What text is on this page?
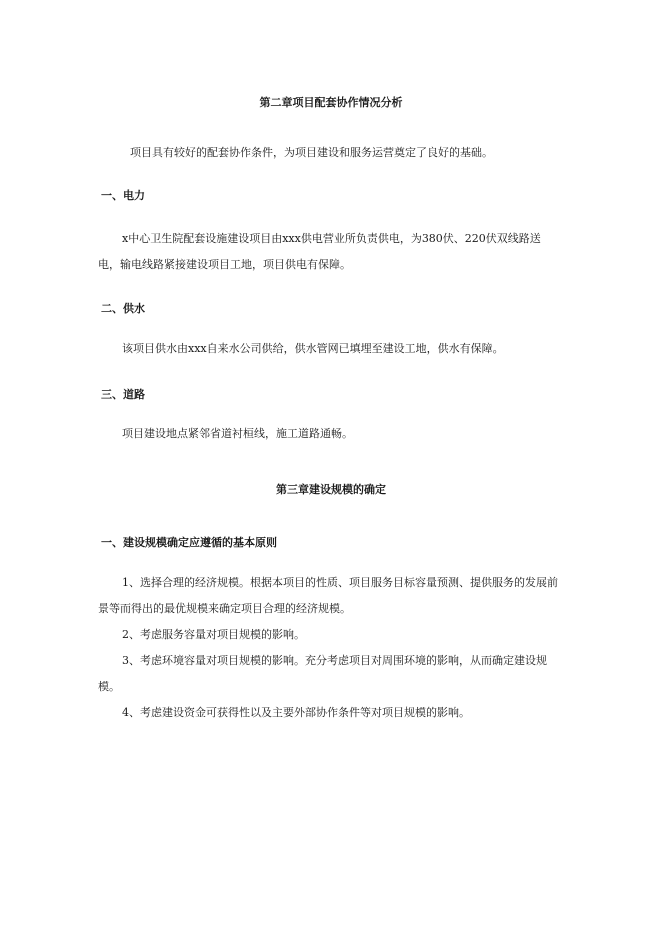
第二章项目配套协作情况分析
项目具有较好的配套协作条件，为项目建设和服务运营奠定了良好的基础。
一、电力
x中心卫生院配套设施建设项目由xxx供电营业所负责供电，为380伏、220伏双线路送电，输电线路紧接建设项目工地，项目供电有保障。
二、供水
该项目供水由xxx自来水公司供给，供水管网已填埋至建设工地，供水有保障。
三、道路
项目建设地点紧邻省道衬桓线，施工道路通畅。
第三章建设规模的确定
一、建设规模确定应遵循的基本原则
1、选择合理的经济规模。根据本项目的性质、项目服务目标容量预测、提供服务的发展前景等而得出的最优规模来确定项目合理的经济规模。
2、考虑服务容量对项目规模的影响。
3、考虑环境容量对项目规模的影响。充分考虑项目对周围环境的影响，从而确定建设规模。
4、考虑建设资金可获得性以及主要外部协作条件等对项目规模的影响。
